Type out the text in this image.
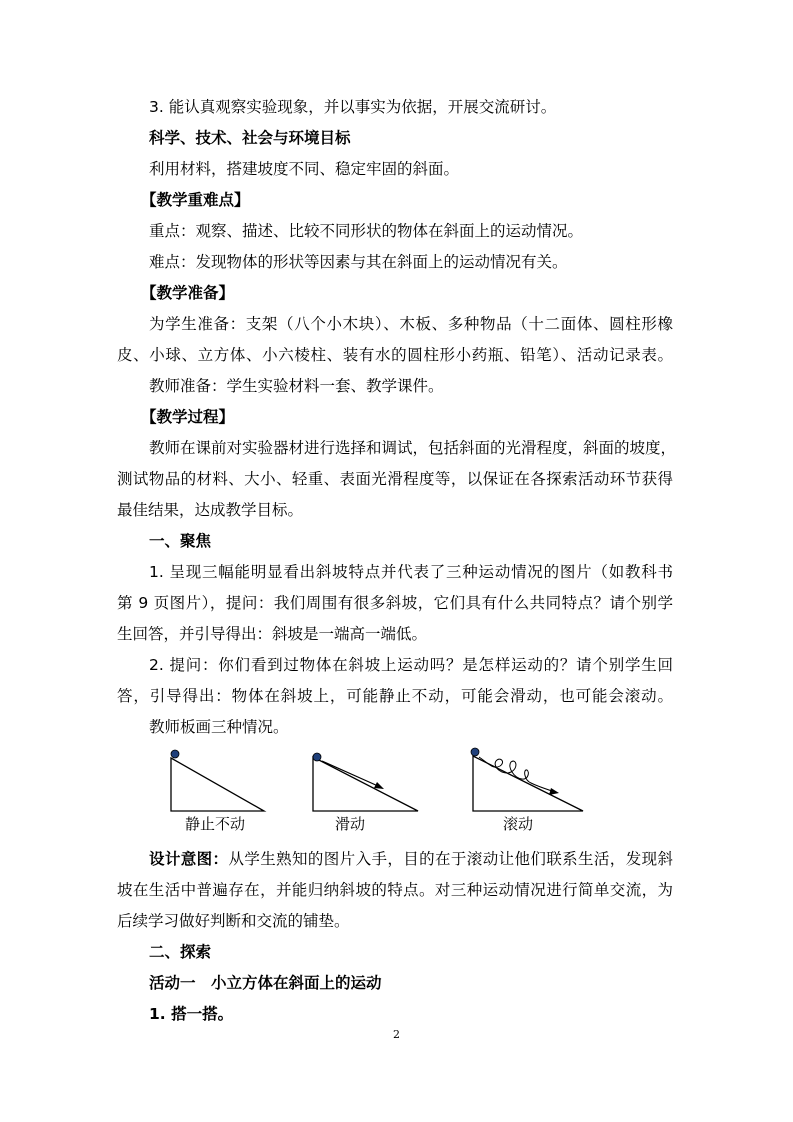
3. 能认真观察实验现象，并以事实为依据，开展交流研讨。

科学、技术、社会与环境目标

利用材料，搭建坡度不同、稳定牢固的斜面。

【教学重难点】

重点：观察、描述、比较不同形状的物体在斜面上的运动情况。

难点：发现物体的形状等因素与其在斜面上的运动情况有关。

【教学准备】

为学生准备：支架（八个小木块）、木板、多种物品（十二面体、圆柱形橡

皮、小球、立方体、小六棱柱、装有水的圆柱形小药瓶、铅笔）、活动记录表。

教师准备：学生实验材料一套、教学课件。

【教学过程】

教师在课前对实验器材进行选择和调试，包括斜面的光滑程度，斜面的坡度，

测试物品的材料、大小、轻重、表面光滑程度等，以保证在各探索活动环节获得

最佳结果，达成教学目标。

一、聚焦

1. 呈现三幅能明显看出斜坡特点并代表了三种运动情况的图片（如教科书

第 9 页图片），提问：我们周围有很多斜坡，它们具有什么共同特点？请个别学

生回答，并引导得出：斜坡是一端高一端低。

2. 提问：你们看到过物体在斜坡上运动吗？是怎样运动的？请个别学生回

答，引导得出：物体在斜坡上，可能静止不动，可能会滑动，也可能会滚动。

教师板画三种情况。

静止不动	滑动	滚动

设计意图：从学生熟知的图片入手，目的在于滚动让他们联系生活，发现斜

坡在生活中普遍存在，并能归纳斜坡的特点。对三种运动情况进行简单交流，为

后续学习做好判断和交流的铺垫。

二、探索

活动一　小立方体在斜面上的运动

1. 搭一搭。

2
